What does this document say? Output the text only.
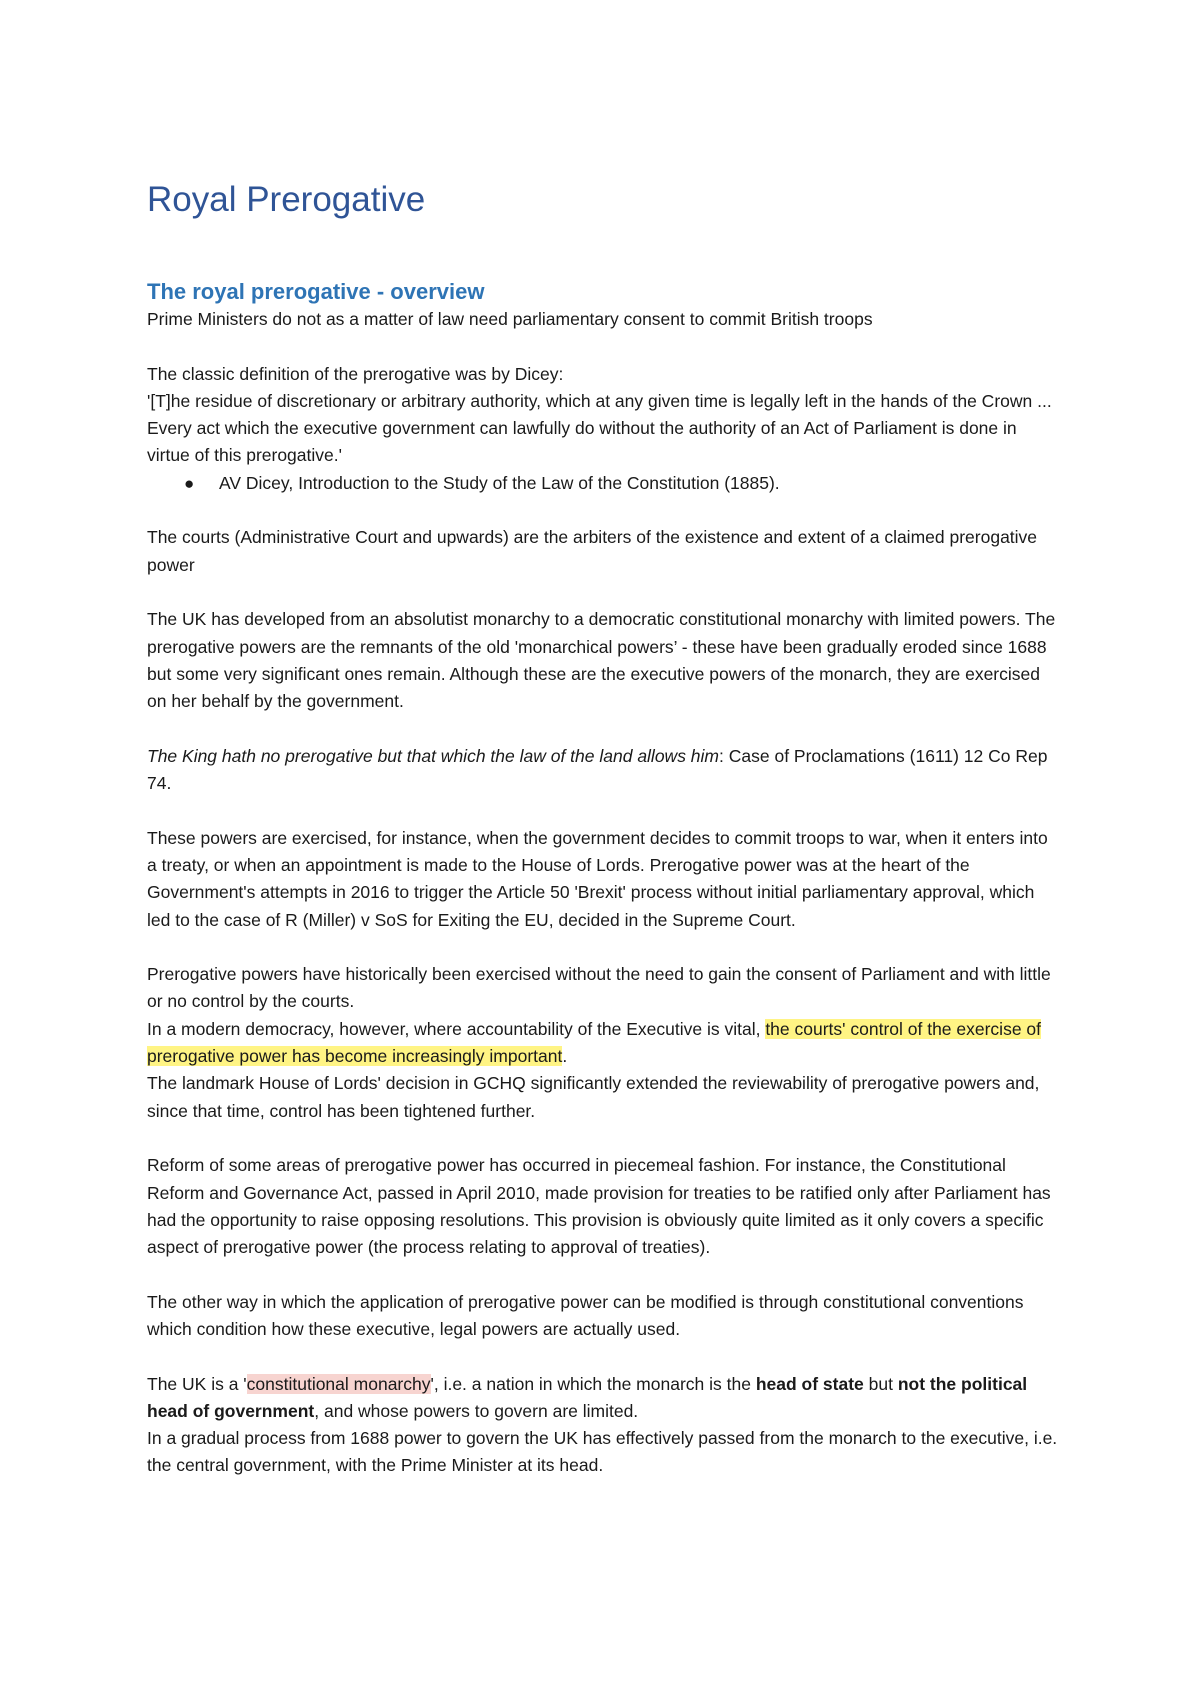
Royal Prerogative
The royal prerogative - overview

Prime Ministers do not as a matter of law need parliamentary consent to commit British troops

The classic definition of the prerogative was by Dicey:

'[T]he residue of discretionary or arbitrary authority, which at any given time is legally left in the hands of the Crown ... Every act which the executive government can lawfully do without the authority of an Act of Parliament is done in virtue of this prerogative.'

● AV Dicey, Introduction to the Study of the Law of the Constitution (1885).

The courts (Administrative Court and upwards) are the arbiters of the existence and extent of a claimed prerogative power

The UK has developed from an absolutist monarchy to a democratic constitutional monarchy with limited powers. The prerogative powers are the remnants of the old 'monarchical powers’ - these have been gradually eroded since 1688 but some very significant ones remain. Although these are the executive powers of the monarch, they are exercised on her behalf by the government.

The King hath no prerogative but that which the law of the land allows him: Case of Proclamations (1611) 12 Co Rep 74.

These powers are exercised, for instance, when the government decides to commit troops to war, when it enters into a treaty, or when an appointment is made to the House of Lords. Prerogative power was at the heart of the Government's attempts in 2016 to trigger the Article 50 'Brexit' process without initial parliamentary approval, which led to the case of R (Miller) v SoS for Exiting the EU, decided in the Supreme Court.

Prerogative powers have historically been exercised without the need to gain the consent of Parliament and with little or no control by the courts.

In a modern democracy, however, where accountability of the Executive is vital, the courts' control of the exercise of prerogative power has become increasingly important.

The landmark House of Lords' decision in GCHQ significantly extended the reviewability of prerogative powers and, since that time, control has been tightened further.

Reform of some areas of prerogative power has occurred in piecemeal fashion. For instance, the Constitutional Reform and Governance Act, passed in April 2010, made provision for treaties to be ratified only after Parliament has had the opportunity to raise opposing resolutions. This provision is obviously quite limited as it only covers a specific aspect of prerogative power (the process relating to approval of treaties).

The other way in which the application of prerogative power can be modified is through constitutional conventions which condition how these executive, legal powers are actually used.

The UK is a 'constitutional monarchy', i.e. a nation in which the monarch is the head of state but not the political head of government, and whose powers to govern are limited.

In a gradual process from 1688 power to govern the UK has effectively passed from the monarch to the executive, i.e. the central government, with the Prime Minister at its head.
